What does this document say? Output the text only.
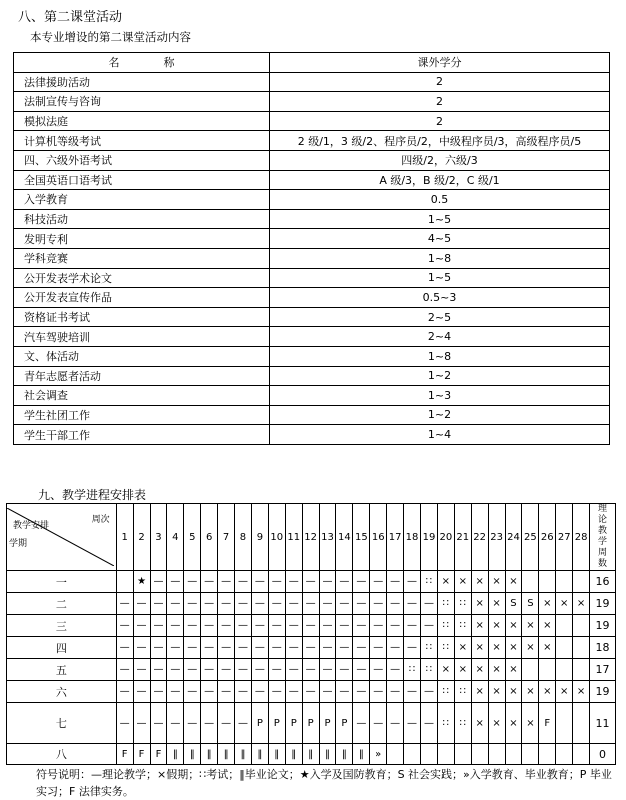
八、第二课堂活动
本专业增设的第二课堂活动内容
名　　　　称	课外学分
法律援助活动	2
法制宣传与咨询	2
模拟法庭	2
计算机等级考试	2 级/1，3 级/2、程序员/2，中级程序员/3，高级程序员/5
四、六级外语考试	四级/2，六级/3
全国英语口语考试	A 级/3，B 级/2，C 级/1
入学教育	0.5
科技活动	1~5
发明专利	4~5
学科竞赛	1~8
公开发表学术论文	1~5
公开发表宣传作品	0.5~3
资格证书考试	2~5
汽车驾驶培训	2~4
文、体活动	1~8
青年志愿者活动	1~2
社会调查	1~3
学生社团工作	1~2
学生干部工作	1~4
九、教学进程安排表
教学安排
周次
学期	1	2	3	4	5	6	7	8	9	10	11	12	13	14	15	16	17	18	19	20	21	22	23	24	25	26	27	28	理论教学周数
一		★	—	—	—	—	—	—	—	—	—	—	—	—	—	—	—	—	∷	×	×	×	×	×					16
二	—	—	—	—	—	—	—	—	—	—	—	—	—	—	—	—	—	—	—	∷	∷	×	×	S	S	×	×	×	19
三	—	—	—	—	—	—	—	—	—	—	—	—	—	—	—	—	—	—	—	∷	∷	×	×	×	×	×			19
四	—	—	—	—	—	—	—	—	—	—	—	—	—	—	—	—	—	—	∷	∷	×	×	×	×	×	×			18
五	—	—	—	—	—	—	—	—	—	—	—	—	—	—	—	—	—	∷	∷	×	×	×	×	×					17
六	—	—	—	—	—	—	—	—	—	—	—	—	—	—	—	—	—	—	—	∷	∷	×	×	×	×	×	×	×	19
七	—	—	—	—	—	—	—	—	P	P	P	P	P	P	—	—	—	—	—	∷	∷	×	×	×	×	F			11
八	F	F	F	‖	‖	‖	‖	‖	‖	‖	‖	‖	‖	‖	‖	»													0
符号说明：—理论教学；×假期；∷考试；‖毕业论文；★入学及国防教育；S 社会实践；»入学教育、毕业教育；P 毕业实习；F 法律实务。
